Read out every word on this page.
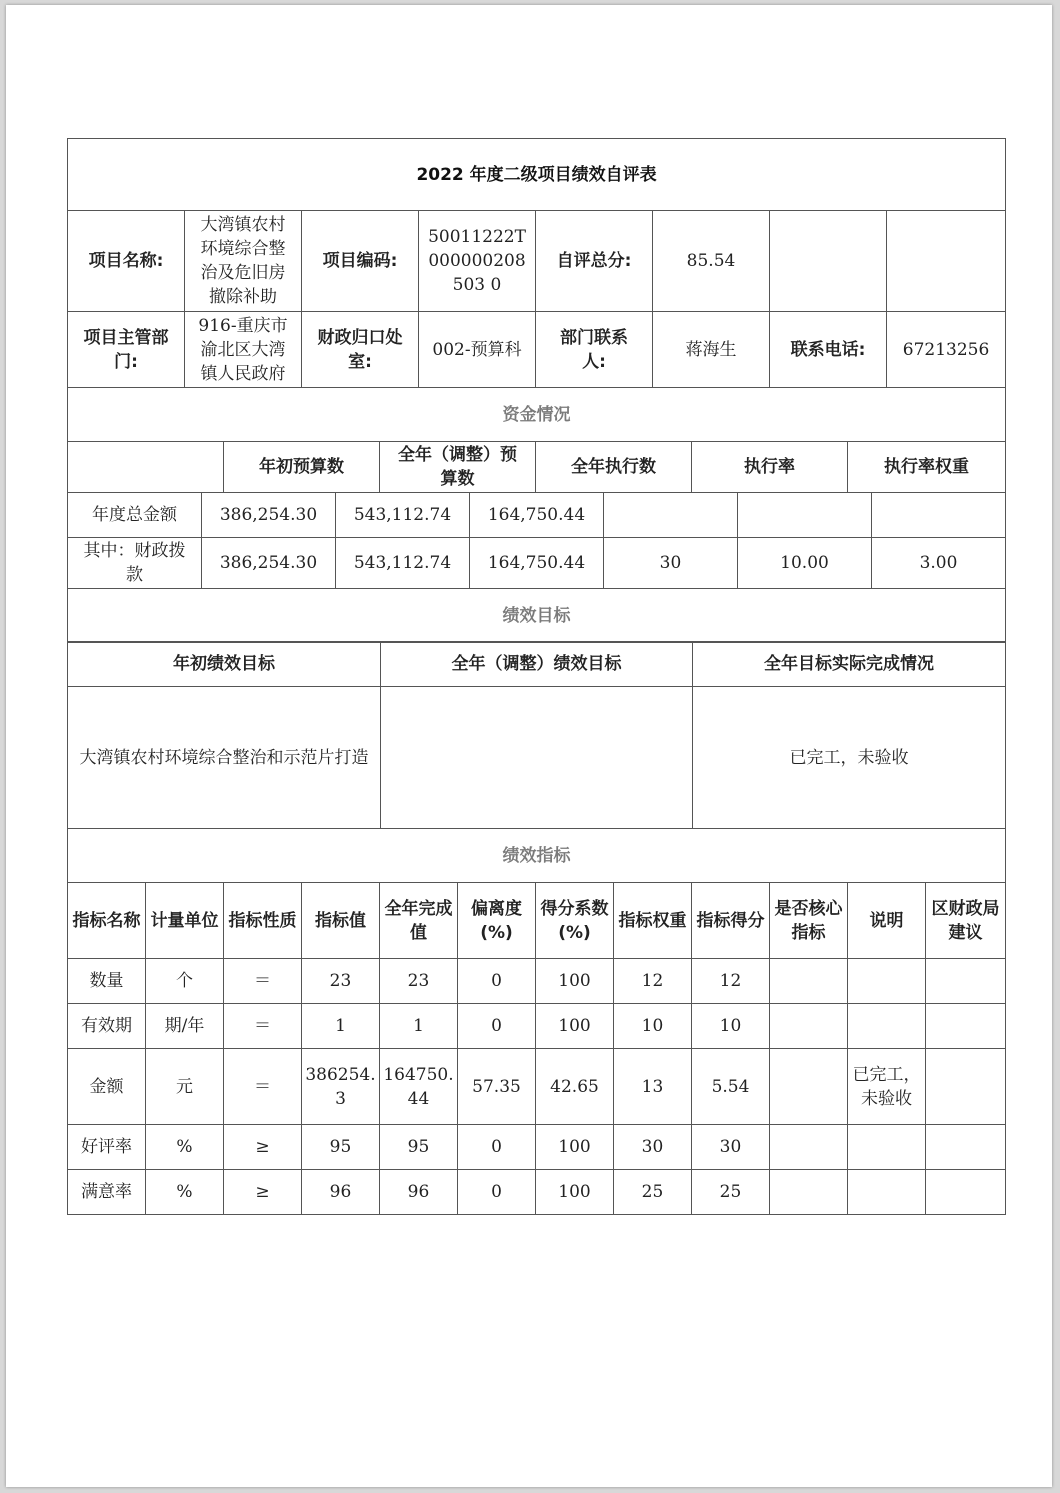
2022 年度二级项目绩效自评表											
项目名称:	大湾镇农村环境综合整治及危旧房撤除补助		项目编码:		50011222T000000208503 0	自评总分:	85.54				
项目主管部门:	916-重庆市渝北区大湾镇人民政府		财政归口处室:		002-预算科	部门联系人:	蒋海生		联系电话:		67213256
资金情况											
		年初预算数		全年（调整）预算数		全年执行数		执行率		执行率权重	
年度总金额	386,254.30	543,112.74	164,750.44			
其中：财政拨款	386,254.30	543,112.74	164,750.44	30	10.00	3.00
绩效目标						
年初绩效目标	全年（调整）绩效目标	全年目标实际完成情况
大湾镇农村环境综合整治和示范片打造		已完工，未验收
绩效指标		
指标名称	计量单位	指标性质	指标值	全年完成值	偏离度(%)	得分系数(%)	指标权重	指标得分	是否核心指标	说明	区财政局建议
数量	个	＝	23	23	0	100	12	12			
有效期	期/年	＝	1	1	0	100	10	10			
金额	元	＝	386254.3	164750.44	57.35	42.65	13	5.54		已完工，未验收	
好评率	%	≥	95	95	0	100	30	30			
满意率	%	≥	96	96	0	100	25	25			
